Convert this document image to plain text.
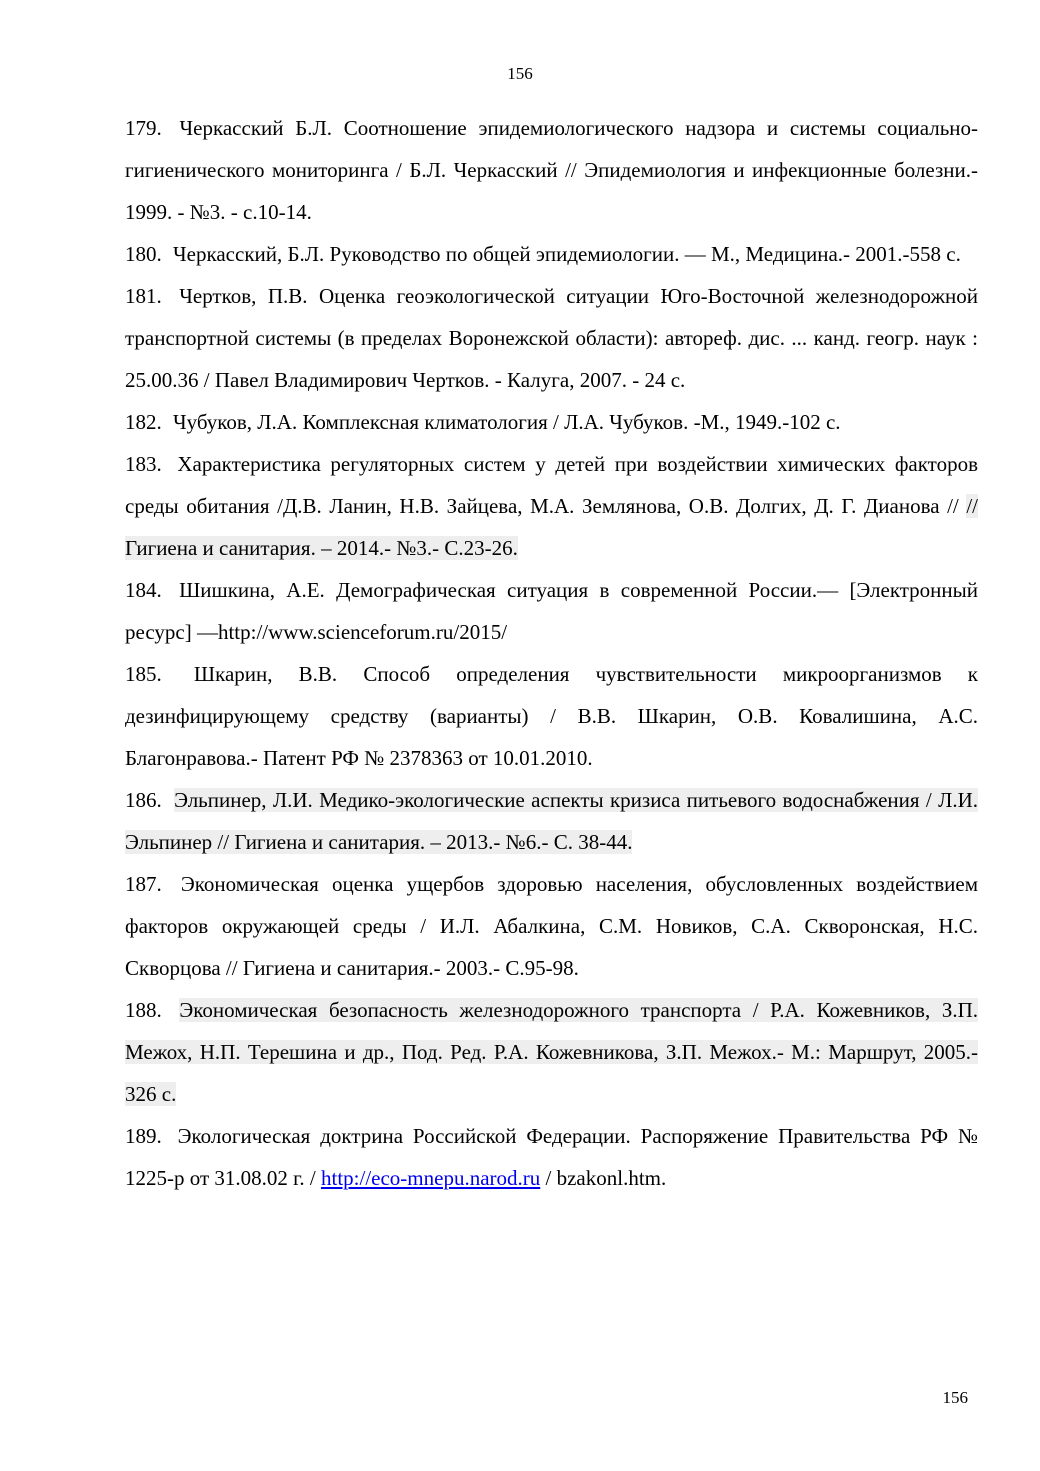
156
179. Черкасский Б.Л. Соотношение эпидемиологического надзора и системы социально-гигиенического мониторинга / Б.Л. Черкасский // Эпидемиология и инфекционные болезни.- 1999. - №3. - с.10-14.
180. Черкасский, Б.Л. Руководство по общей эпидемиологии. — М., Медицина.- 2001.-558 с.
181. Чертков, П.В. Оценка геоэкологической ситуации Юго-Восточной железнодорожной транспортной системы (в пределах Воронежской области): автореф. дис. ... канд. геогр. наук : 25.00.36 / Павел Владимирович Чертков. - Калуга, 2007. - 24 с.
182. Чубуков, Л.А. Комплексная климатология / Л.А. Чубуков. -М., 1949.-102 с.
183. Характеристика регуляторных систем у детей при воздействии химических факторов среды обитания /Д.В. Ланин, Н.В. Зайцева, М.А. Землянова, О.В. Долгих, Д. Г. Дианова // // Гигиена и санитария. – 2014.- №3.- С.23-26.
184. Шишкина, А.Е. Демографическая ситуация в современной России.— [Электронный ресурс] —http://www.scienceforum.ru/2015/
185. Шкарин, В.В. Способ определения чувствительности микроорганизмов к дезинфицирующему средству (варианты) / В.В. Шкарин, О.В. Ковалишина, А.С. Благонравова.- Патент РФ № 2378363 от 10.01.2010.
186. Эльпинер, Л.И. Медико-экологические аспекты кризиса питьевого водоснабжения / Л.И. Эльпинер // Гигиена и санитария. – 2013.- №6.- С. 38-44.
187. Экономическая оценка ущербов здоровью населения, обусловленных воздействием факторов окружающей среды / И.Л. Абалкина, С.М. Новиков, С.А. Скворонская, Н.С. Скворцова // Гигиена и санитария.- 2003.- С.95-98.
188. Экономическая безопасность железнодорожного транспорта / Р.А. Кожевников, З.П. Межох, Н.П. Терешина и др., Под. Ред. Р.А. Кожевникова, З.П. Межох.- М.: Маршрут, 2005.- 326 с.
189. Экологическая доктрина Российской Федерации. Распоряжение Правительства РФ № 1225-р от 31.08.02 г. / http://eco-mnepu.narod.ru / bzakonl.htm.
156
